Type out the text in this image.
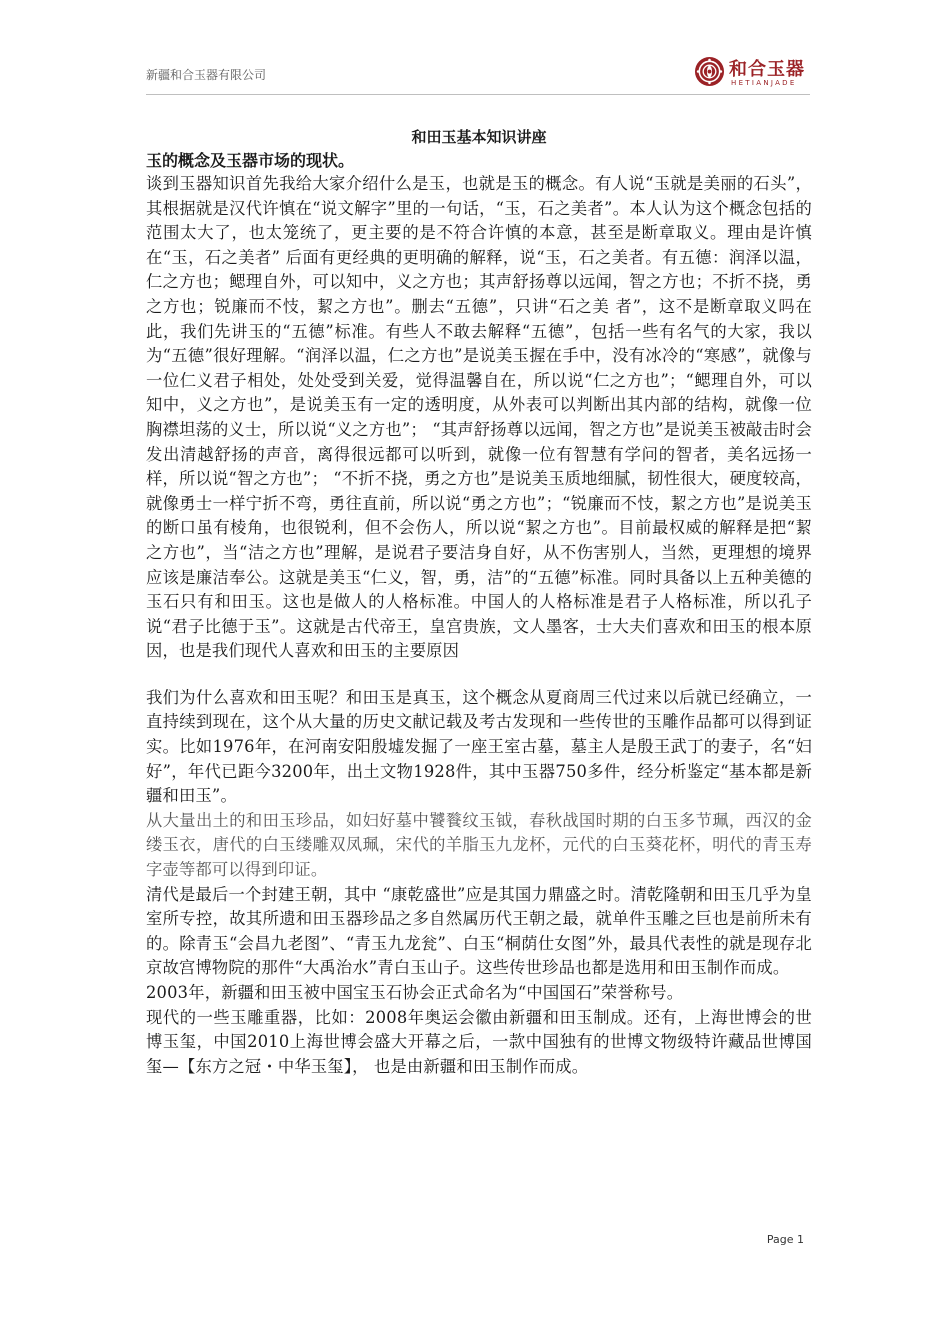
新疆和合玉器有限公司	和合玉器
HETIANJADE

和田玉基本知识讲座

玉的概念及玉器市场的现状。

谈到玉器知识首先我给大家介绍什么是玉，也就是玉的概念。有人说“玉就是美丽的石头”，其根据就是汉代许慎在“说文解字”里的一句话，“玉，石之美者”。本人认为这个概念包括的范围太大了，也太笼统了，更主要的是不符合许慎的本意，甚至是断章取义。理由是许慎在“玉，石之美者” 后面有更经典的更明确的解释，说“玉，石之美者。有五德：润泽以温，仁之方也；鳃理自外，可以知中，义之方也；其声舒扬尊以远闻，智之方也；不折不挠，勇之方也；锐廉而不忮，絜之方也”。删去“五德”，只讲“石之美 者”，这不是断章取义吗在此，我们先讲玉的“五德”标准。有些人不敢去解释“五德”，包括一些有名气的大家，我以为“五德”很好理解。“润泽以温，仁之方也”是说美玉握在手中，没有冰冷的“寒感”，就像与一位仁义君子相处，处处受到关爱，觉得温馨自在，所以说“仁之方也”；“鳃理自外，可以知中，义之方也”，是说美玉有一定的透明度，从外表可以判断出其内部的结构，就像一位胸襟坦荡的义士，所以说“义之方也”； “其声舒扬尊以远闻，智之方也”是说美玉被敲击时会发出清越舒扬的声音，离得很远都可以听到，就像一位有智慧有学问的智者，美名远扬一样，所以说“智之方也”； “不折不挠，勇之方也”是说美玉质地细腻，韧性很大，硬度较高，就像勇士一样宁折不弯，勇往直前，所以说“勇之方也”；“锐廉而不忮，絜之方也”是说美玉的断口虽有棱角，也很锐利，但不会伤人，所以说“絜之方也”。目前最权威的解释是把“絜之方也”，当“洁之方也”理解，是说君子要洁身自好，从不伤害别人，当然，更理想的境界应该是廉洁奉公。这就是美玉“仁义，智，勇，洁”的“五德”标准。同时具备以上五种美德的玉石只有和田玉。这也是做人的人格标准。中国人的人格标准是君子人格标准，所以孔子说“君子比德于玉”。这就是古代帝王，皇宫贵族，文人墨客，士大夫们喜欢和田玉的根本原因，也是我们现代人喜欢和田玉的主要原因

我们为什么喜欢和田玉呢？和田玉是真玉，这个概念从夏商周三代过来以后就已经确立，一直持续到现在，这个从大量的历史文献记载及考古发现和一些传世的玉雕作品都可以得到证实。比如1976年，在河南安阳殷墟发掘了一座王室古墓，墓主人是殷王武丁的妻子，名“妇好”，年代已距今3200年，出土文物1928件，其中玉器750多件，经分析鉴定“基本都是新疆和田玉”。

从大量出土的和田玉珍品，如妇好墓中饕餮纹玉钺，春秋战国时期的白玉多节珮，西汉的金缕玉衣，唐代的白玉缕雕双凤珮，宋代的羊脂玉九龙杯，元代的白玉葵花杯，明代的青玉寿字壶等都可以得到印证。

清代是最后一个封建王朝，其中 “康乾盛世”应是其国力鼎盛之时。清乾隆朝和田玉几乎为皇室所专控，故其所遗和田玉器珍品之多自然属历代王朝之最，就单件玉雕之巨也是前所未有的。除青玉“会昌九老图”、“青玉九龙瓮”、白玉“桐荫仕女图”外，最具代表性的就是现存北京故宫博物院的那件“大禹治水”青白玉山子。这些传世珍品也都是选用和田玉制作而成。

2003年，新疆和田玉被中国宝玉石协会正式命名为“中国国石”荣誉称号。

现代的一些玉雕重器，比如：2008年奥运会徽由新疆和田玉制成。还有，上海世博会的世博玉玺，中国2010上海世博会盛大开幕之后，一款中国独有的世博文物级特许藏品世博国玺—【东方之冠・中华玉玺】， 也是由新疆和田玉制作而成。

Page 1
